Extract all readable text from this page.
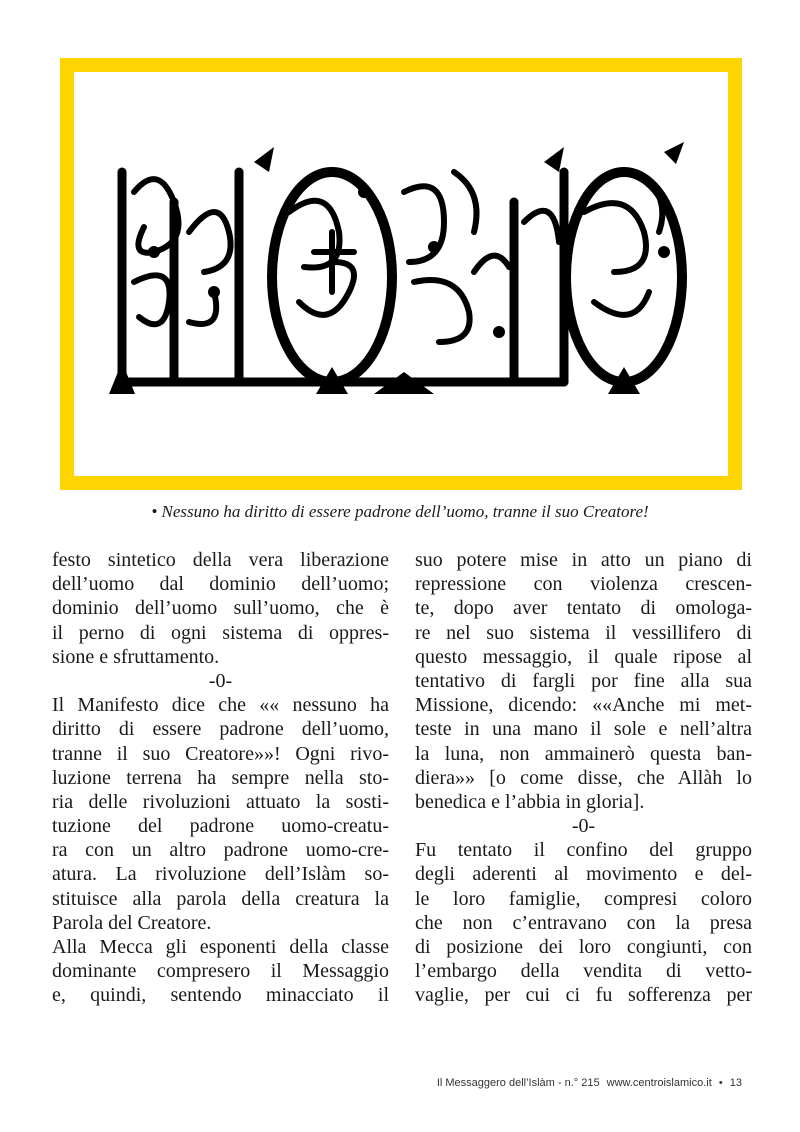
• Nessuno ha diritto di essere padrone dell’uomo, tranne il suo Creatore!
festo sintetico della vera liberazione
dell’uomo dal dominio dell’uomo;
dominio dell’uomo sull’uomo, che è
il perno di ogni sistema di oppres-
sione e sfruttamento.
-0-
Il Manifesto dice che «« nessuno ha
diritto di essere padrone dell’uomo,
tranne il suo Creatore»»! Ogni rivo-
luzione terrena ha sempre nella sto-
ria delle rivoluzioni attuato la sosti-
tuzione del padrone uomo-creatu-
ra con un altro padrone uomo-cre-
atura. La rivoluzione dell’Islàm so-
stituisce alla parola della creatura la
Parola del Creatore.
Alla Mecca gli esponenti della classe
dominante compresero il Messaggio
e, quindi, sentendo minacciato il
suo potere mise in atto un piano di
repressione con violenza crescen-
te, dopo aver tentato di omologa-
re nel suo sistema il vessillifero di
questo messaggio, il quale ripose al
tentativo di fargli por fine alla sua
Missione, dicendo: ««Anche mi met-
teste in una mano il sole e nell’altra
la luna, non ammainerò questa ban-
diera»» [o come disse, che Allàh lo
benedica e l’abbia in gloria].
-0-
Fu tentato il confino del gruppo
degli aderenti al movimento e del-
le loro famiglie, compresi coloro
che non c’entravano con la presa
di posizione dei loro congiunti, con
l’embargo della vendita di vetto-
vaglie, per cui ci fu sofferenza per
Il Messaggero dell’Islàm - n.° 215 www.centroislamico.it • 13
